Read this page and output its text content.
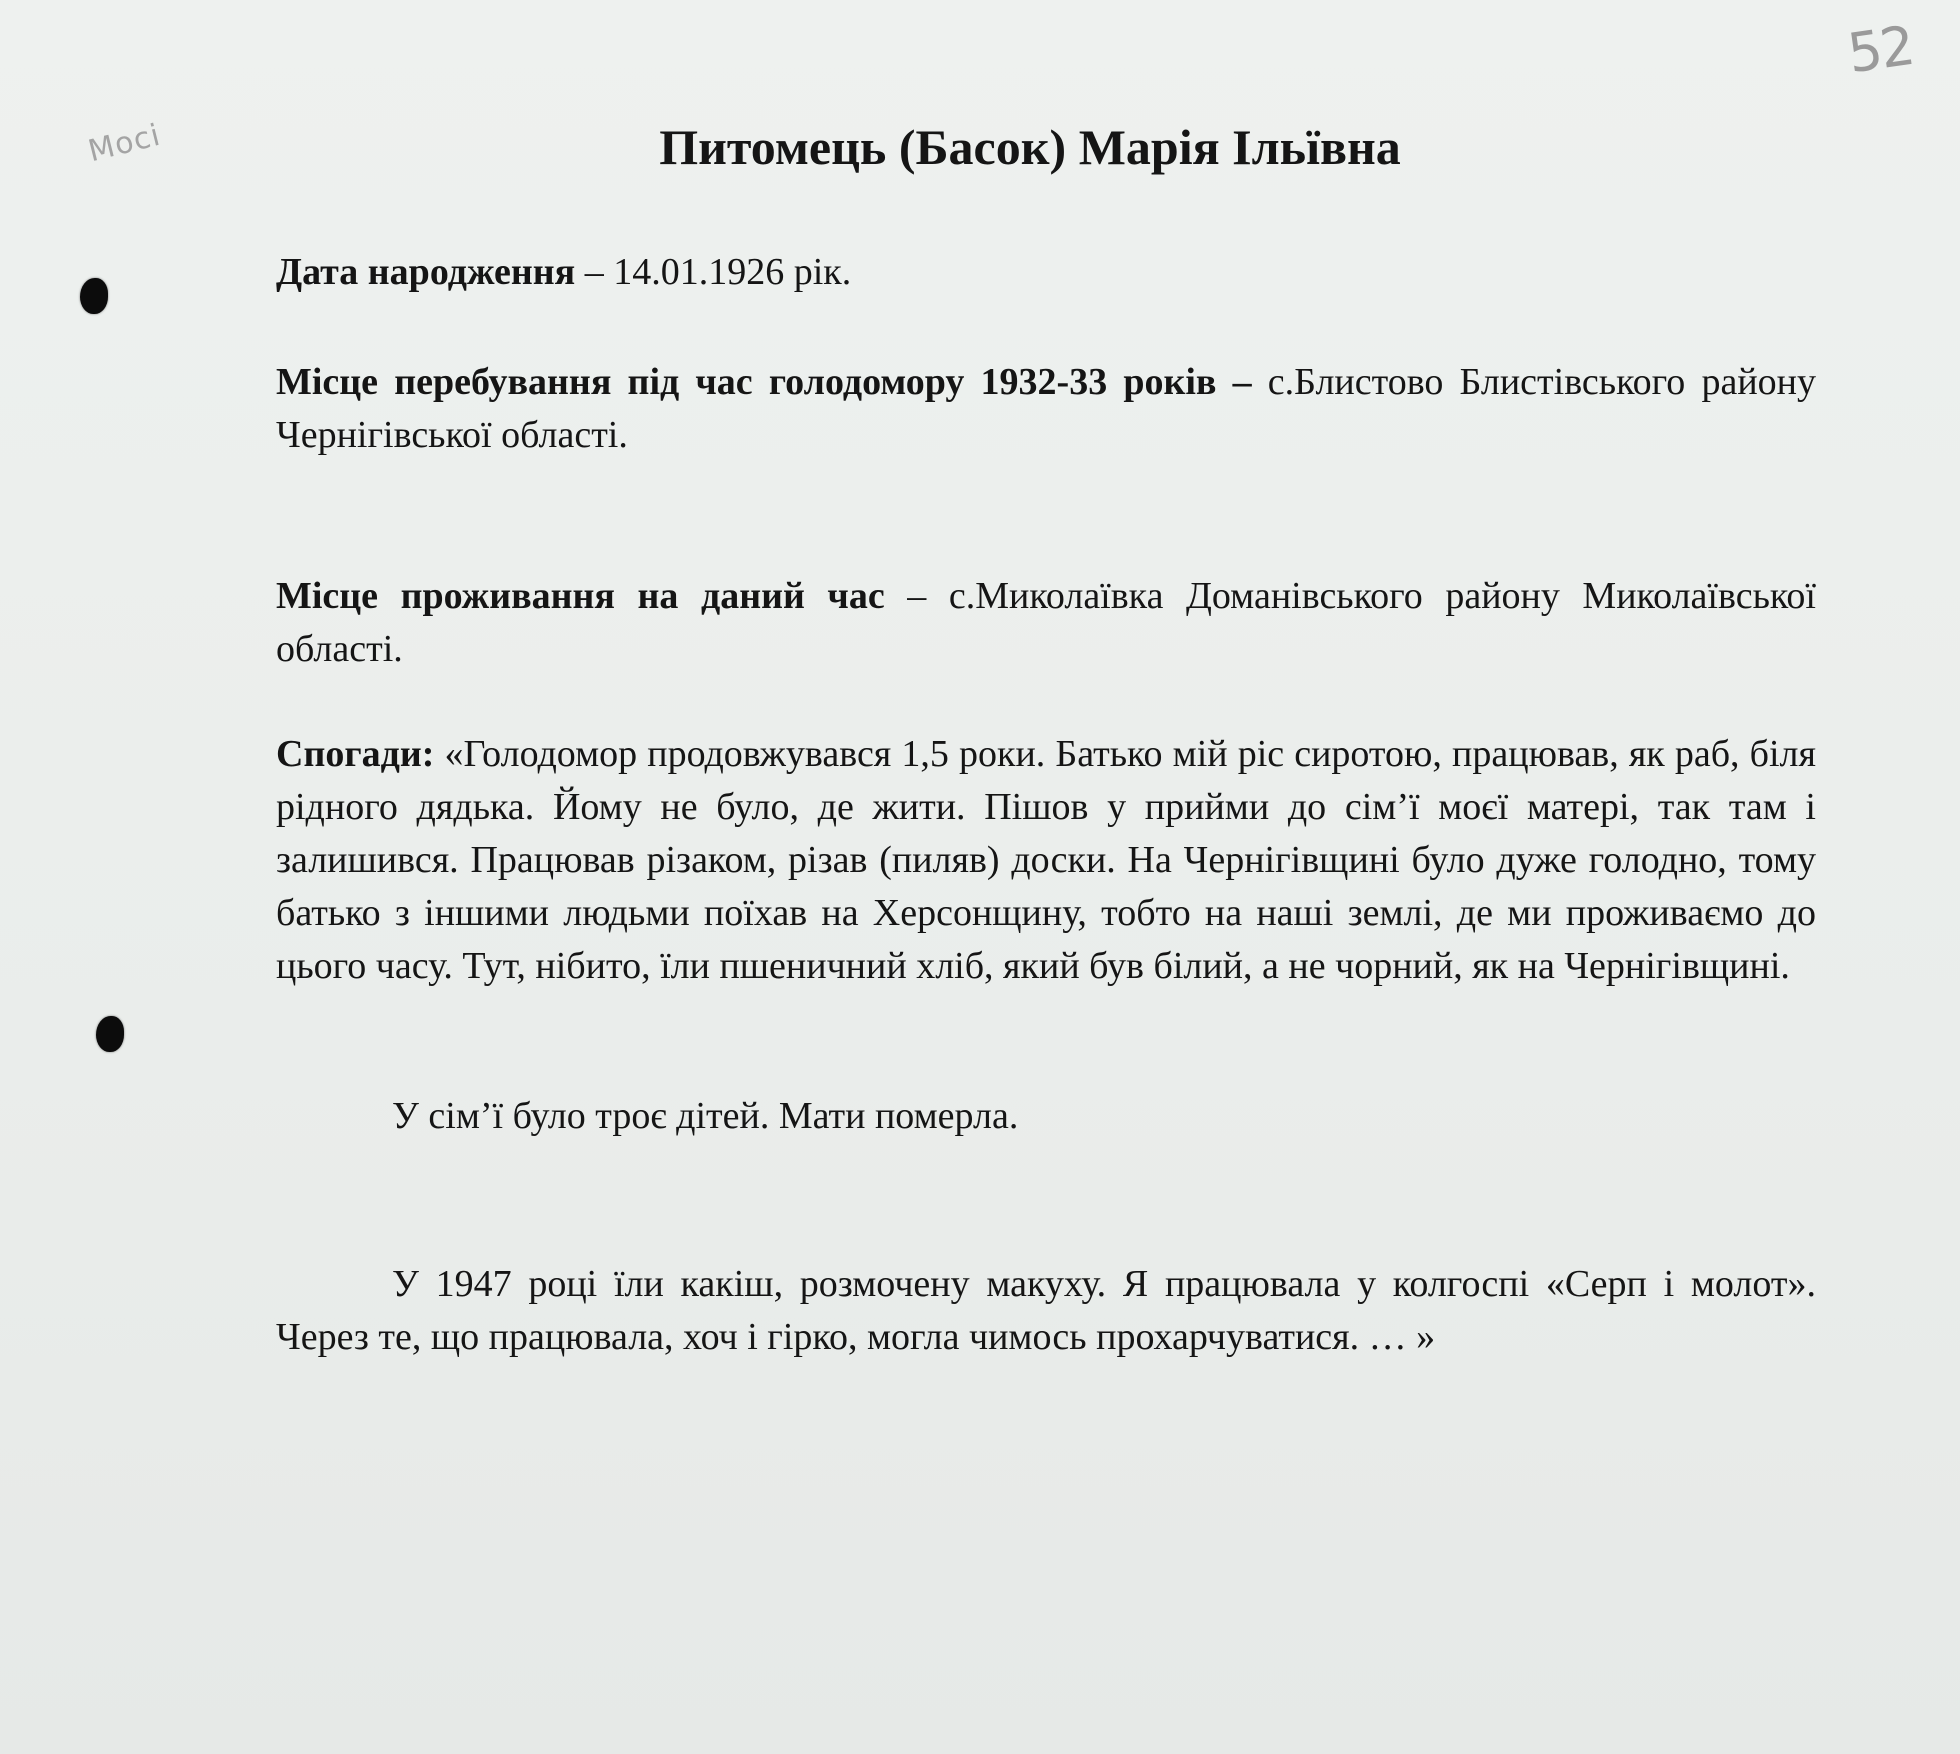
52
Мосі	Питомець (Басок) Марія Ільївна

Дата народження – 14.01.1926 рік.

Місце перебування під час голодомору 1932-33 років – с.Блистово Блистівського району Чернігівської області.

Місце проживання на даний час – с.Миколаївка Доманівського району Миколаївської області.

Спогади: «Голодомор продовжувався 1,5 роки. Батько мій ріс сиротою, працював, як раб, біля рідного дядька. Йому не було, де жити. Пішов у прийми до сім’ї моєї матері, так там і залишився. Працював різаком, різав (пиляв) доски. На Чернігівщині було дуже голодно, тому батько з іншими людьми поїхав на Херсонщину, тобто на наші землі, де ми проживаємо до цього часу. Тут, нібито, їли пшеничний хліб, який був білий, а не чорний, як на Чернігівщині.

У сім’ї було троє дітей. Мати померла.

У 1947 році їли какіш, розмочену макуху. Я працювала у колгоспі «Серп і молот». Через те, що працювала, хоч і гірко, могла чимось прохарчуватися. … »
